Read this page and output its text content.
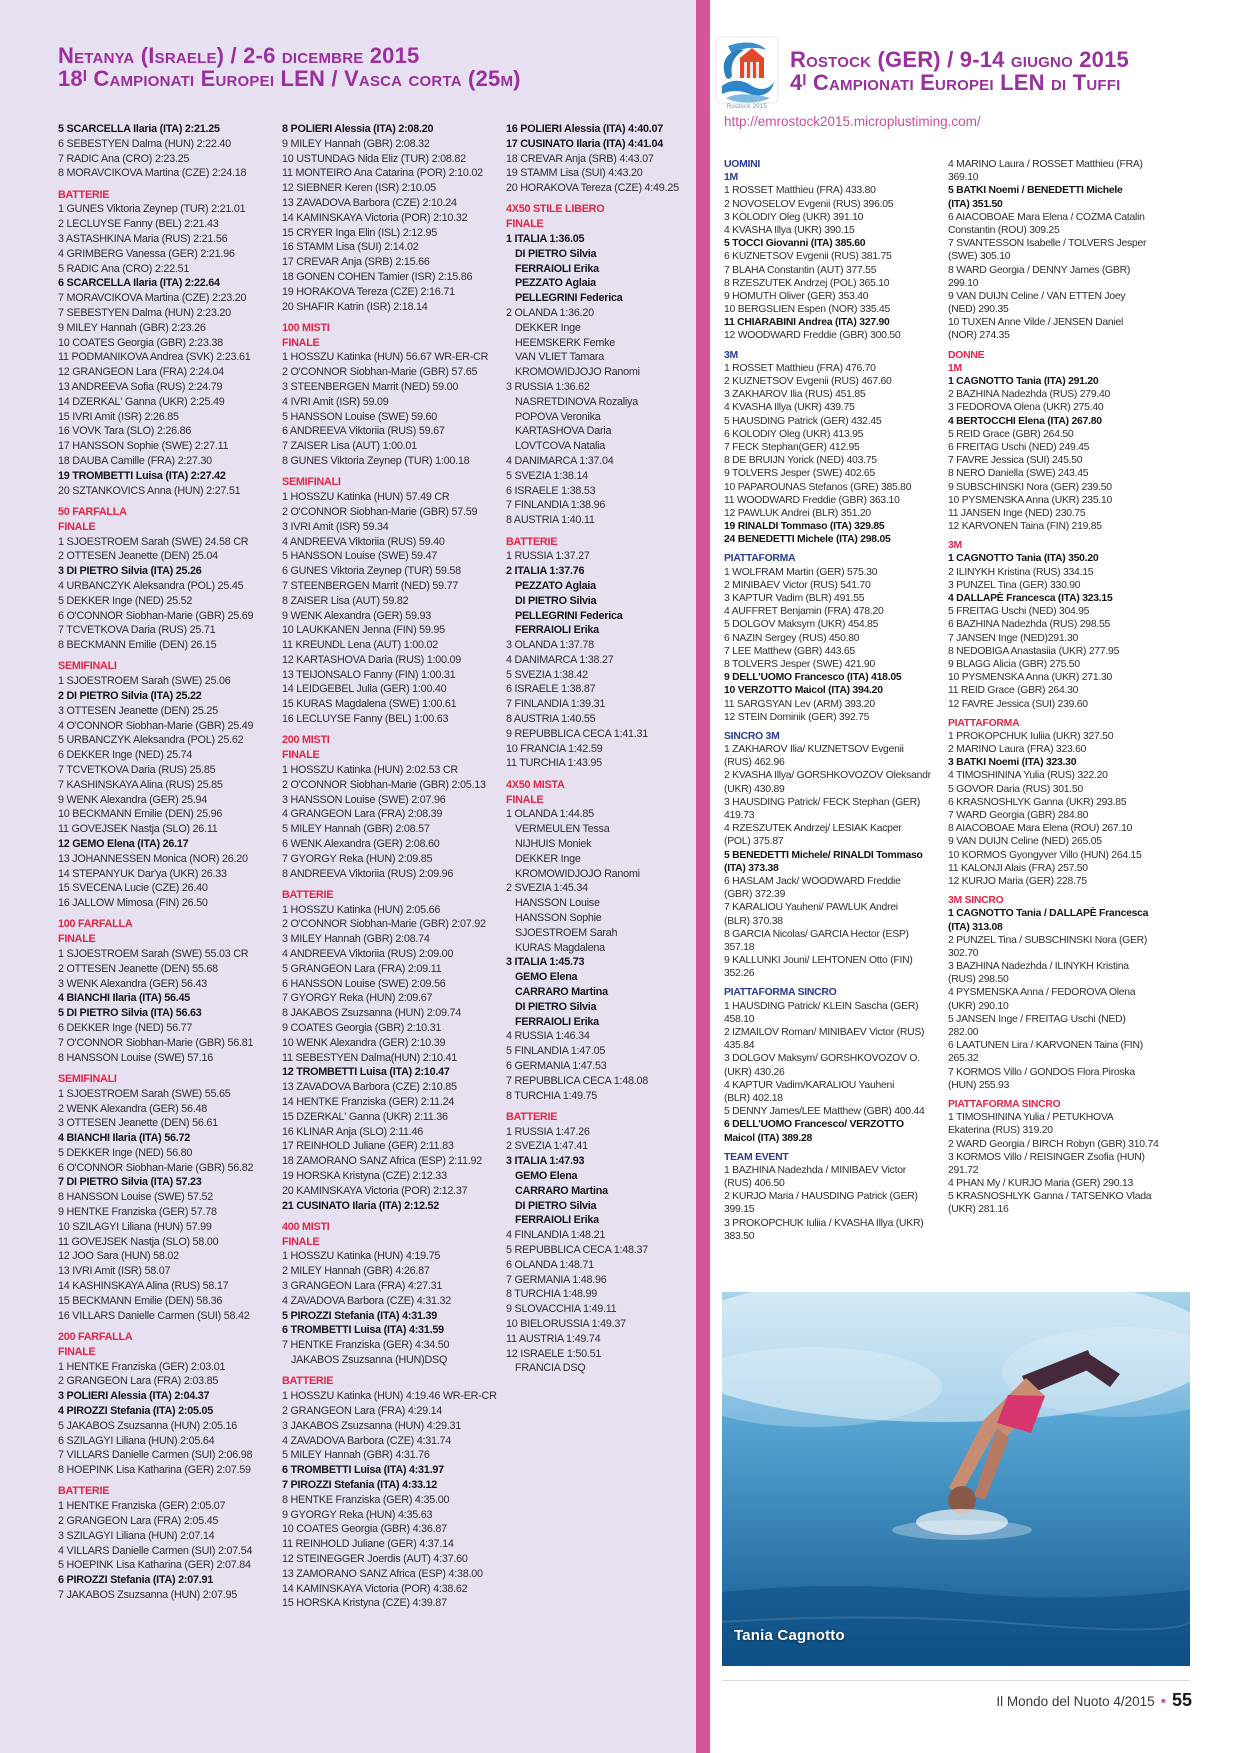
Netanya (Israele) / 2-6 dicembre 2015
18ᴵ Campionati Europei LEN / Vasca corta (25m)
5 SCARCELLA Ilaria (ITA) 2:21.25
6 SEBESTYEN Dalma (HUN) 2:22.40
7 RADIC Ana (CRO) 2:23.25
8 MORAVCIKOVA Martina (CZE) 2:24.18
BATTERIE
1 GUNES Viktoria Zeynep (TUR) 2:21.01
2 LECLUYSE Fanny (BEL) 2:21.43
3 ASTASHKINA Maria (RUS) 2:21.56
4 GRIMBERG Vanessa (GER) 2:21.96
5 RADIC Ana (CRO) 2:22.51
6 SCARCELLA Ilaria (ITA) 2:22.64
7 MORAVCIKOVA Martina (CZE) 2:23.20
7 SEBESTYEN Dalma (HUN) 2:23.20
9 MILEY Hannah (GBR) 2:23.26
10 COATES Georgia (GBR) 2:23.38
11 PODMANIKOVA Andrea (SVK) 2:23.61
12 GRANGEON Lara (FRA) 2:24.04
13 ANDREEVA Sofia (RUS) 2:24.79
14 DZERKAL' Ganna (UKR) 2:25.49
15 IVRI Amit (ISR) 2:26.85
16 VOVK Tara (SLO) 2:26.86
17 HANSSON Sophie (SWE) 2:27.11
18 DAUBA Camille (FRA) 2:27.30
19 TROMBETTI Luisa (ITA) 2:27.42
20 SZTANKOVICS Anna (HUN) 2:27.51
50 FARFALLA
FINALE
1 SJOESTROEM Sarah (SWE) 24.58 CR
2 OTTESEN Jeanette (DEN) 25.04
3 DI PIETRO Silvia (ITA) 25.26
4 URBANCZYK Aleksandra (POL) 25.45
5 DEKKER Inge (NED) 25.52
6 O'CONNOR Siobhan-Marie (GBR) 25.69
7 TCVETKOVA Daria (RUS) 25.71
8 BECKMANN Emilie (DEN) 26.15
SEMIFINALI
1 SJOESTROEM Sarah (SWE) 25.06
2 DI PIETRO Silvia (ITA) 25.22
3 OTTESEN Jeanette (DEN) 25.25
4 O'CONNOR Siobhan-Marie (GBR) 25.49
5 URBANCZYK Aleksandra (POL) 25.62
6 DEKKER Inge (NED) 25.74
7 TCVETKOVA Daria (RUS) 25.85
7 KASHINSKAYA Alina (RUS) 25.85
9 WENK Alexandra (GER) 25.94
10 BECKMANN Emilie (DEN) 25.96
11 GOVEJSEK Nastja (SLO) 26.11
12 GEMO Elena (ITA) 26.17
13 JOHANNESSEN Monica (NOR) 26.20
14 STEPANYUK Dar'ya (UKR) 26.33
15 SVECENA Lucie (CZE) 26.40
16 JALLOW Mimosa (FIN) 26.50
100 FARFALLA
FINALE
1 SJOESTROEM Sarah (SWE) 55.03 CR
2 OTTESEN Jeanette (DEN) 55.68
3 WENK Alexandra (GER) 56.43
4 BIANCHI Ilaria (ITA) 56.45
5 DI PIETRO Silvia (ITA) 56.63
6 DEKKER Inge (NED) 56.77
7 O'CONNOR Siobhan-Marie (GBR) 56.81
8 HANSSON Louise (SWE) 57.16
SEMIFINALI
1 SJOESTROEM Sarah (SWE) 55.65
2 WENK Alexandra (GER) 56.48
3 OTTESEN Jeanette (DEN) 56.61
4 BIANCHI Ilaria (ITA) 56.72
5 DEKKER Inge (NED) 56.80
6 O'CONNOR Siobhan-Marie (GBR) 56.82
7 DI PIETRO Silvia (ITA) 57.23
8 HANSSON Louise (SWE) 57.52
9 HENTKE Franziska (GER) 57.78
10 SZILAGYI Liliana (HUN) 57.99
11 GOVEJSEK Nastja (SLO) 58.00
12 JOO Sara (HUN) 58.02
13 IVRI Amit (ISR) 58.07
14 KASHINSKAYA Alina (RUS) 58.17
15 BECKMANN Emilie (DEN) 58.36
16 VILLARS Danielle Carmen (SUI) 58.42
200 FARFALLA
FINALE
1 HENTKE Franziska (GER) 2:03.01
2 GRANGEON Lara (FRA) 2:03.85
3 POLIERI Alessia (ITA) 2:04.37
4 PIROZZI Stefania (ITA) 2:05.05
5 JAKABOS Zsuzsanna (HUN) 2:05.16
6 SZILAGYI Liliana (HUN) 2:05.64
7 VILLARS Danielle Carmen (SUI) 2:06.98
8 HOEPINK Lisa Katharina (GER) 2:07.59
BATTERIE
1 HENTKE Franziska (GER) 2:05.07
2 GRANGEON Lara (FRA) 2:05.45
3 SZILAGYI Liliana (HUN) 2:07.14
4 VILLARS Danielle Carmen (SUI) 2:07.54
5 HOEPINK Lisa Katharina (GER) 2:07.84
6 PIROZZI Stefania (ITA) 2:07.91
7 JAKABOS Zsuzsanna (HUN) 2:07.95
8 POLIERI Alessia (ITA) 2:08.20
9 MILEY Hannah (GBR) 2:08.32
10 USTUNDAG Nida Eliz (TUR) 2:08.82
11 MONTEIRO Ana Catarina (POR) 2:10.02
12 SIEBNER Keren (ISR) 2:10.05
13 ZAVADOVA Barbora (CZE) 2:10.24
14 KAMINSKAYA Victoria (POR) 2:10.32
15 CRYER Inga Elin (ISL) 2:12.95
16 STAMM Lisa (SUI) 2:14.02
17 CREVAR Anja (SRB) 2:15.66
18 GONEN COHEN Tamier (ISR) 2:15.86
19 HORAKOVA Tereza (CZE) 2:16.71
20 SHAFIR Katrin (ISR) 2:18.14
100 MISTI
FINALE
1 HOSSZU Katinka (HUN) 56.67 WR-ER-CR
2 O'CONNOR Siobhan-Marie (GBR) 57.65
3 STEENBERGEN Marrit (NED) 59.00
4 IVRI Amit (ISR) 59.09
5 HANSSON Louise (SWE) 59.60
6 ANDREEVA Viktoriia (RUS) 59.67
7 ZAISER Lisa (AUT) 1:00.01
8 GUNES Viktoria Zeynep (TUR) 1:00.18
SEMIFINALI
1 HOSSZU Katinka (HUN) 57.49 CR
2 O'CONNOR Siobhan-Marie (GBR) 57.59
3 IVRI Amit (ISR) 59.34
4 ANDREEVA Viktoriia (RUS) 59.40
5 HANSSON Louise (SWE) 59.47
6 GUNES Viktoria Zeynep (TUR) 59.58
7 STEENBERGEN Marrit (NED) 59.77
8 ZAISER Lisa (AUT) 59.82
9 WENK Alexandra (GER) 59.93
10 LAUKKANEN Jenna (FIN) 59.95
11 KREUNDL Lena (AUT) 1:00.02
12 KARTASHOVA Daria (RUS) 1:00.09
13 TEIJONSALO Fanny (FIN) 1:00.31
14 LEIDGEBEL Julia (GER) 1:00.40
15 KURAS Magdalena (SWE) 1:00.61
16 LECLUYSE Fanny (BEL) 1:00.63
200 MISTI
FINALE
1 HOSSZU Katinka (HUN) 2:02.53 CR
2 O'CONNOR Siobhan-Marie (GBR) 2:05.13
3 HANSSON Louise (SWE) 2:07.96
4 GRANGEON Lara (FRA) 2:08.39
5 MILEY Hannah (GBR) 2:08.57
6 WENK Alexandra (GER) 2:08.60
7 GYORGY Reka (HUN) 2:09.85
8 ANDREEVA Viktoriia (RUS) 2:09.96
BATTERIE
1 HOSSZU Katinka (HUN) 2:05.66
2 O'CONNOR Siobhan-Marie (GBR) 2:07.92
3 MILEY Hannah (GBR) 2:08.74
4 ANDREEVA Viktoriia (RUS) 2:09.00
5 GRANGEON Lara (FRA) 2:09.11
6 HANSSON Louise (SWE) 2:09.56
7 GYORGY Reka (HUN) 2:09.67
8 JAKABOS Zsuzsanna (HUN) 2:09.74
9 COATES Georgia (GBR) 2:10.31
10 WENK Alexandra (GER) 2:10.39
11 SEBESTYEN Dalma(HUN) 2:10.41
12 TROMBETTI Luisa (ITA) 2:10.47
13 ZAVADOVA Barbora (CZE) 2:10.85
14 HENTKE Franziska (GER) 2:11.24
15 DZERKAL' Ganna (UKR) 2:11.36
16 KLINAR Anja (SLO) 2:11.46
17 REINHOLD Juliane (GER) 2:11.83
18 ZAMORANO SANZ Africa (ESP) 2:11.92
19 HORSKA Kristyna (CZE) 2:12.33
20 KAMINSKAYA Victoria (POR) 2:12.37
21 CUSINATO Ilaria (ITA) 2:12.52
400 MISTI
FINALE
1 HOSSZU Katinka (HUN) 4:19.75
2 MILEY Hannah (GBR) 4:26.87
3 GRANGEON Lara (FRA) 4:27.31
4 ZAVADOVA Barbora (CZE) 4:31.32
5 PIROZZI Stefania (ITA) 4:31.39
6 TROMBETTI Luisa (ITA) 4:31.59
7 HENTKE Franziska (GER) 4:34.50
JAKABOS Zsuzsanna (HUN)DSQ
BATTERIE
1 HOSSZU Katinka (HUN) 4:19.46 WR-ER-CR
2 GRANGEON Lara (FRA) 4:29.14
3 JAKABOS Zsuzsanna (HUN) 4:29.31
4 ZAVADOVA Barbora (CZE) 4:31.74
5 MILEY Hannah (GBR) 4:31.76
6 TROMBETTI Luisa (ITA) 4:31.97
7 PIROZZI Stefania (ITA) 4:33.12
8 HENTKE Franziska (GER) 4:35.00
9 GYORGY Reka (HUN) 4:35.63
10 COATES Georgia (GBR) 4:36.87
11 REINHOLD Juliane (GER) 4:37.14
12 STEINEGGER Joerdis (AUT) 4:37.60
13 ZAMORANO SANZ Africa (ESP) 4:38.00
14 KAMINSKAYA Victoria (POR) 4:38.62
15 HORSKA Kristyna (CZE) 4:39.87
16 POLIERI Alessia (ITA) 4:40.07
17 CUSINATO Ilaria (ITA) 4:41.04
18 CREVAR Anja (SRB) 4:43.07
19 STAMM Lisa (SUI) 4:43.20
20 HORAKOVA Tereza (CZE) 4:49.25
4X50 STILE LIBERO
FINALE
1 ITALIA 1:36.05
DI PIETRO Silvia
FERRAIOLI Erika
PEZZATO Aglaia
PELLEGRINI Federica
2 OLANDA 1:36.20
DEKKER Inge
HEEMSKERK Femke
VAN VLIET Tamara
KROMOWIDJOJO Ranomi
3 RUSSIA 1:36.62
NASRETDINOVA Rozaliya
POPOVA Veronika
KARTASHOVA Daria
LOVTCOVA Natalia
4 DANIMARCA 1:37.04
5 SVEZIA 1:38.14
6 ISRAELE 1:38.53
7 FINLANDIA 1:38.96
8 AUSTRIA 1:40.11
BATTERIE
1 RUSSIA 1:37.27
2 ITALIA 1:37.76
PEZZATO Aglaia
DI PIETRO Silvia
PELLEGRINI Federica
FERRAIOLI Erika
3 OLANDA 1:37.78
4 DANIMARCA 1:38.27
5 SVEZIA 1:38.42
6 ISRAELE 1:38.87
7 FINLANDIA 1:39.31
8 AUSTRIA 1:40.55
9 REPUBBLICA CECA 1:41.31
10 FRANCIA 1:42.59
11 TURCHIA 1:43.95
4X50 MISTA
FINALE
1 OLANDA 1:44.85
VERMEULEN Tessa
NIJHUIS Moniek
DEKKER Inge
KROMOWIDJOJO Ranomi
2 SVEZIA 1:45.34
HANSSON Louise
HANSSON Sophie
SJOESTROEM Sarah
KURAS Magdalena
3 ITALIA 1:45.73
GEMO Elena
CARRARO Martina
DI PIETRO Silvia
FERRAIOLI Erika
4 RUSSIA 1:46.34
5 FINLANDIA 1:47.05
6 GERMANIA 1:47.53
7 REPUBBLICA CECA 1:48.08
8 TURCHIA 1:49.75
BATTERIE
1 RUSSIA 1:47.26
2 SVEZIA 1:47.41
3 ITALIA 1:47.93
GEMO Elena
CARRARO Martina
DI PIETRO Silvia
FERRAIOLI Erika
4 FINLANDIA 1:48.21
5 REPUBBLICA CECA 1:48.37
6 OLANDA 1:48.71
7 GERMANIA 1:48.96
8 TURCHIA 1:48.99
9 SLOVACCHIA 1:49.11
10 BIELORUSSIA 1:49.37
11 AUSTRIA 1:49.74
12 ISRAELE 1:50.51
FRANCIA DSQ
Rostock 2015
Rostock (GER) / 9-14 giugno 2015
4ᴵ Campionati Europei LEN di Tuffi
http://emrostock2015.microplustiming.com/
UOMINI
1M
1 ROSSET Matthieu (FRA) 433.80
2 NOVOSELOV Evgenii (RUS) 396.05
3 KOLODIY Oleg (UKR) 391.10
4 KVASHA Illya (UKR) 390.15
5 TOCCI Giovanni (ITA) 385.60
6 KUZNETSOV Evgenii (RUS) 381.75
7 BLAHA Constantin (AUT) 377.55
8 RZESZUTEK Andrzej (POL) 365.10
9 HOMUTH Oliver (GER) 353.40
10 BERGSLIEN Espen (NOR) 335.45
11 CHIARABINI Andrea (ITA) 327.90
12 WOODWARD Freddie (GBR) 300.50
3M
1 ROSSET Matthieu (FRA) 476.70
2 KUZNETSOV Evgenii (RUS) 467.60
3 ZAKHAROV Ilia (RUS) 451.85
4 KVASHA Illya (UKR) 439.75
5 HAUSDING Patrick (GER) 432.45
6 KOLODIY Oleg (UKR) 413.95
7 FECK Stephan(GER) 412.95
8 DE BRUIJN Yorick (NED) 403.75
9 TOLVERS Jesper (SWE) 402.65
10 PAPAROUNAS Stefanos (GRE) 385.80
11 WOODWARD Freddie (GBR) 363.10
12 PAWLUK Andrei (BLR) 351.20
19 RINALDI Tommaso (ITA) 329.85
24 BENEDETTI Michele (ITA) 298.05
PIATTAFORMA
1 WOLFRAM Martin (GER) 575.30
2 MINIBAEV Victor (RUS) 541.70
3 KAPTUR Vadim (BLR) 491.55
4 AUFFRET Benjamin (FRA) 478.20
5 DOLGOV Maksym (UKR) 454.85
6 NAZIN Sergey (RUS) 450.80
7 LEE Matthew (GBR) 443.65
8 TOLVERS Jesper (SWE) 421.90
9 DELL'UOMO Francesco (ITA) 418.05
10 VERZOTTO Maicol (ITA) 394.20
11 SARGSYAN Lev (ARM) 393.20
12 STEIN Dominik (GER) 392.75
SINCRO 3M
1 ZAKHAROV Ilia/ KUZNETSOV Evgenii
(RUS) 462.96
2 KVASHA Illya/ GORSHKOVOZOV Oleksandr
(UKR) 430.89
3 HAUSDING Patrick/ FECK Stephan (GER)
419.73
4 RZESZUTEK Andrzej/ LESIAK Kacper
(POL) 375.87
5 BENEDETTI Michele/ RINALDI Tommaso
(ITA) 373.38
6 HASLAM Jack/ WOODWARD Freddie
(GBR) 372.39
7 KARALIOU Yauheni/ PAWLUK Andrei
(BLR) 370.38
8 GARCIA Nicolas/ GARCIA Hector (ESP)
357.18
9 KALLUNKI Jouni/ LEHTONEN Otto (FIN)
352.26
PIATTAFORMA SINCRO
1 HAUSDING Patrick/ KLEIN Sascha (GER)
458.10
2 IZMAILOV Roman/ MINIBAEV Victor (RUS)
435.84
3 DOLGOV Maksym/ GORSHKOVOZOV O.
(UKR) 430.26
4 KAPTUR Vadim/KARALIOU Yauheni
(BLR) 402.18
5 DENNY James/LEE Matthew (GBR) 400.44
6 DELL'UOMO Francesco/ VERZOTTO
Maicol (ITA) 389.28
TEAM EVENT
1 BAZHINA Nadezhda / MINIBAEV Victor
(RUS) 406.50
2 KURJO Maria / HAUSDING Patrick (GER)
399.15
3 PROKOPCHUK Iuliia / KVASHA Illya (UKR)
383.50
4 MARINO Laura / ROSSET Matthieu (FRA)
369.10
5 BATKI Noemi / BENEDETTI Michele
(ITA) 351.50
6 AIACOBOAE Mara Elena / COZMA Catalin
Constantin (ROU) 309.25
7 SVANTESSON Isabelle / TOLVERS Jesper
(SWE) 305.10
8 WARD Georgia / DENNY James (GBR)
299.10
9 VAN DUIJN Celine / VAN ETTEN Joey
(NED) 290.35
10 TUXEN Anne Vilde / JENSEN Daniel
(NOR) 274.35
DONNE
1M
1 CAGNOTTO Tania (ITA) 291.20
2 BAZHINA Nadezhda (RUS) 279.40
3 FEDOROVA Olena (UKR) 275.40
4 BERTOCCHI Elena (ITA) 267.80
5 REID Grace (GBR) 264.50
6 FREITAG Uschi (NED) 249.45
7 FAVRE Jessica (SUI) 245.50
8 NERO Daniella (SWE) 243.45
9 SUBSCHINSKI Nora (GER) 239.50
10 PYSMENSKA Anna (UKR) 235.10
11 JANSEN Inge (NED) 230.75
12 KARVONEN Taina (FIN) 219.85
3M
1 CAGNOTTO Tania (ITA) 350.20
2 ILINYKH Kristina (RUS) 334.15
3 PUNZEL Tina (GER) 330.90
4 DALLAPÈ Francesca (ITA) 323.15
5 FREITAG Uschi (NED) 304.95
6 BAZHINA Nadezhda (RUS) 298.55
7 JANSEN Inge (NED)291.30
8 NEDOBIGA Anastasiia (UKR) 277.95
9 BLAGG Alicia (GBR) 275.50
10 PYSMENSKA Anna (UKR) 271.30
11 REID Grace (GBR) 264.30
12 FAVRE Jessica (SUI) 239.60
PIATTAFORMA
1 PROKOPCHUK Iuliia (UKR) 327.50
2 MARINO Laura (FRA) 323.60
3 BATKI Noemi (ITA) 323.30
4 TIMOSHININA Yulia (RUS) 322.20
5 GOVOR Daria (RUS) 301.50
6 KRASNOSHLYK Ganna (UKR) 293.85
7 WARD Georgia (GBR) 284.80
8 AIACOBOAE Mara Elena (ROU) 267.10
9 VAN DUIJN Celine (NED) 265.05
10 KORMOS Gyongyver Villo (HUN) 264.15
11 KALONJI Alais (FRA) 257.50
12 KURJO Maria (GER) 228.75
3M SINCRO
1 CAGNOTTO Tania / DALLAPÈ Francesca
(ITA) 313.08
2 PUNZEL Tina / SUBSCHINSKI Nora (GER)
302.70
3 BAZHINA Nadezhda / ILINYKH Kristina
(RUS) 298.50
4 PYSMENSKA Anna / FEDOROVA Olena
(UKR) 290.10
5 JANSEN Inge / FREITAG Uschi (NED)
282.00
6 LAATUNEN Lira / KARVONEN Taina (FIN)
265.32
7 KORMOS Villo / GONDOS Flora Piroska
(HUN) 255.93
PIATTAFORMA SINCRO
1 TIMOSHININA Yulia / PETUKHOVA
Ekaterina (RUS) 319.20
2 WARD Georgia / BIRCH Robyn (GBR) 310.74
3 KORMOS Villo / REISINGER Zsofia (HUN)
291.72
4 PHAN My / KURJO Maria (GER) 290.13
5 KRASNOSHLYK Ganna / TATSENKO Vlada
(UKR) 281.16
Tania Cagnotto
Il Mondo del Nuoto 4/2015 • 55
